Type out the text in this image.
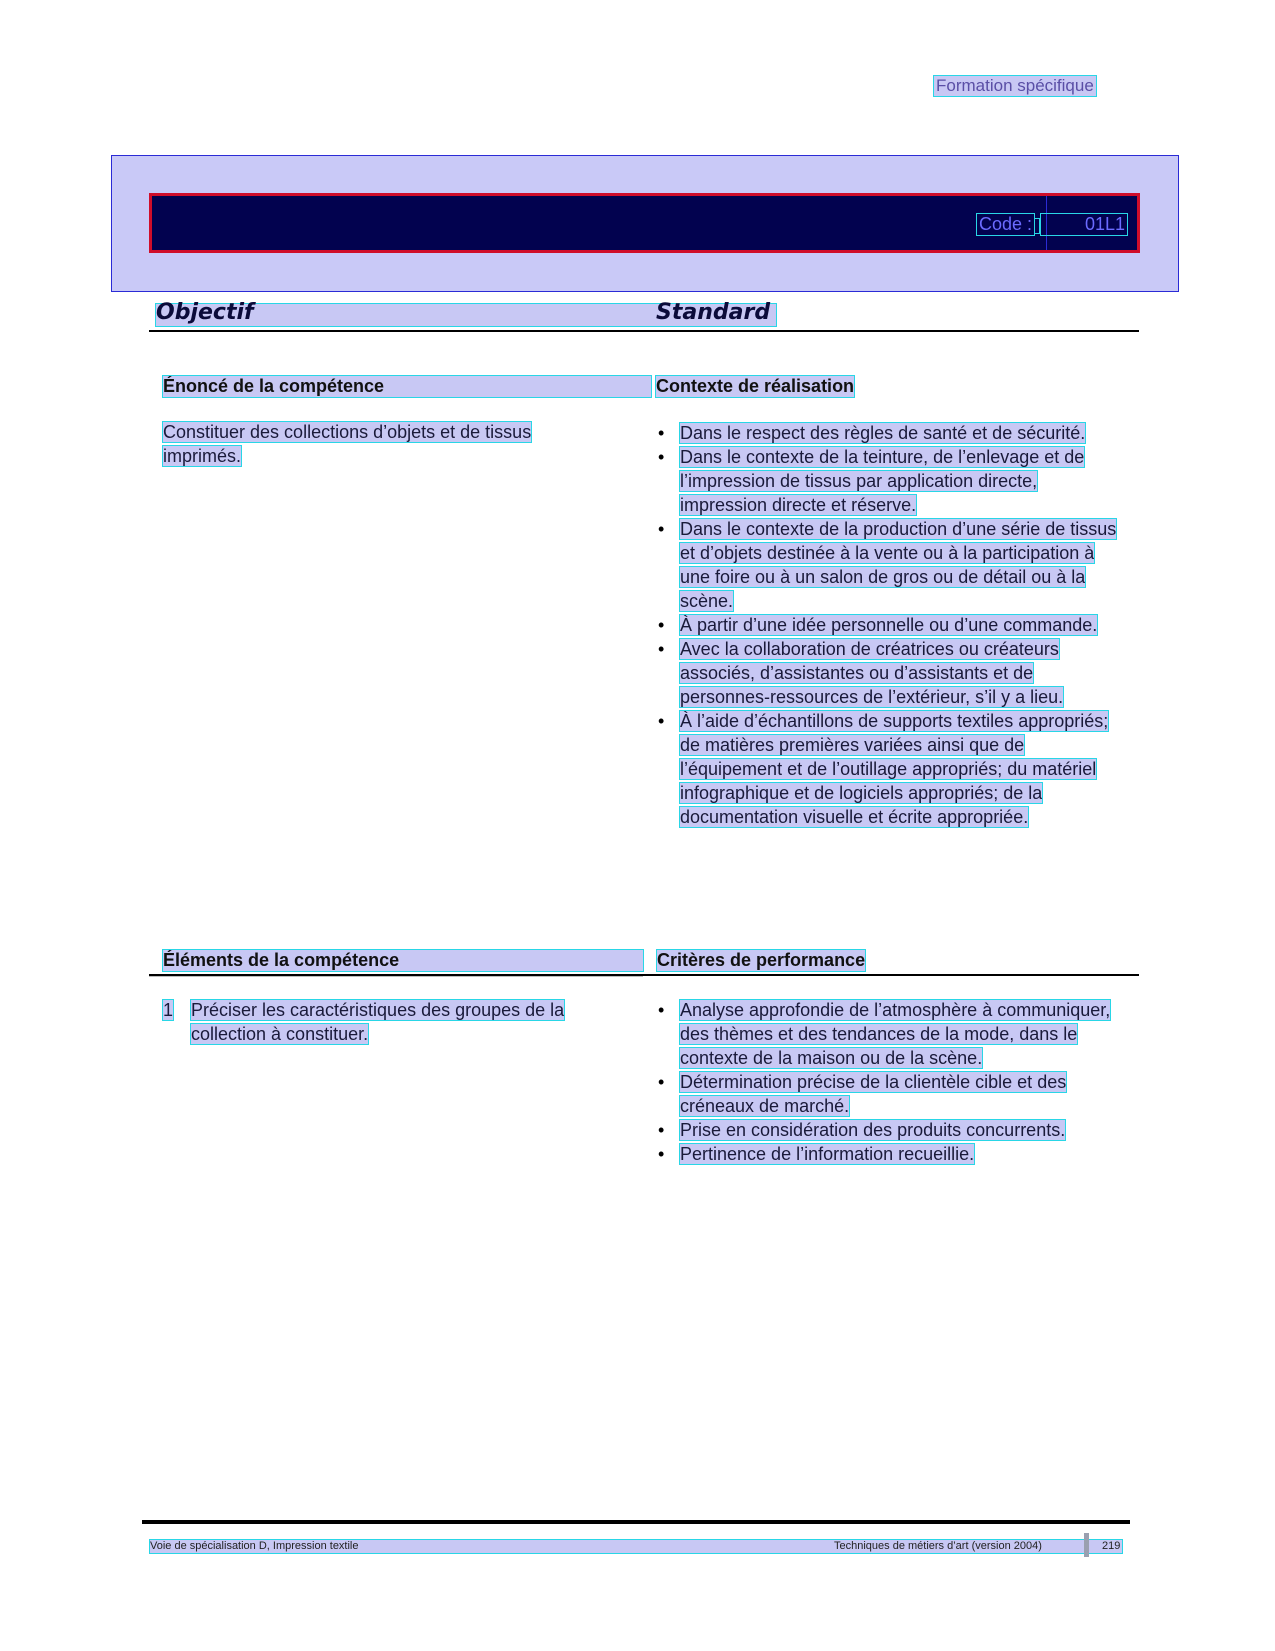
Formation spécifique
Code :	01L1
Objectif	Standard
Énoncé de la compétence	Contexte de réalisation
Constituer des collections d’objets et de tissus imprimés.
• Dans le respect des règles de santé et de sécurité.
• Dans le contexte de la teinture, de l’enlevage et de l’impression de tissus par application directe, impression directe et réserve.
• Dans le contexte de la production d’une série de tissus et d’objets destinée à la vente ou à la participation à une foire ou à un salon de gros ou de détail ou à la scène.
• À partir d’une idée personnelle ou d’une commande.
• Avec la collaboration de créatrices ou créateurs associés, d’assistantes ou d’assistants et de personnes-ressources de l’extérieur, s’il y a lieu.
• À l’aide d’échantillons de supports textiles appropriés; de matières premières variées ainsi que de l’équipement et de l’outillage appropriés; du matériel infographique et de logiciels appropriés; de la documentation visuelle et écrite appropriée.
Éléments de la compétence	Critères de performance
1 Préciser les caractéristiques des groupes de la collection à constituer.
• Analyse approfondie de l’atmosphère à communiquer, des thèmes et des tendances de la mode, dans le contexte de la maison ou de la scène.
• Détermination précise de la clientèle cible et des créneaux de marché.
• Prise en considération des produits concurrents.
• Pertinence de l’information recueillie.
Voie de spécialisation D, Impression textile	Techniques de métiers d’art (version 2004)	219
